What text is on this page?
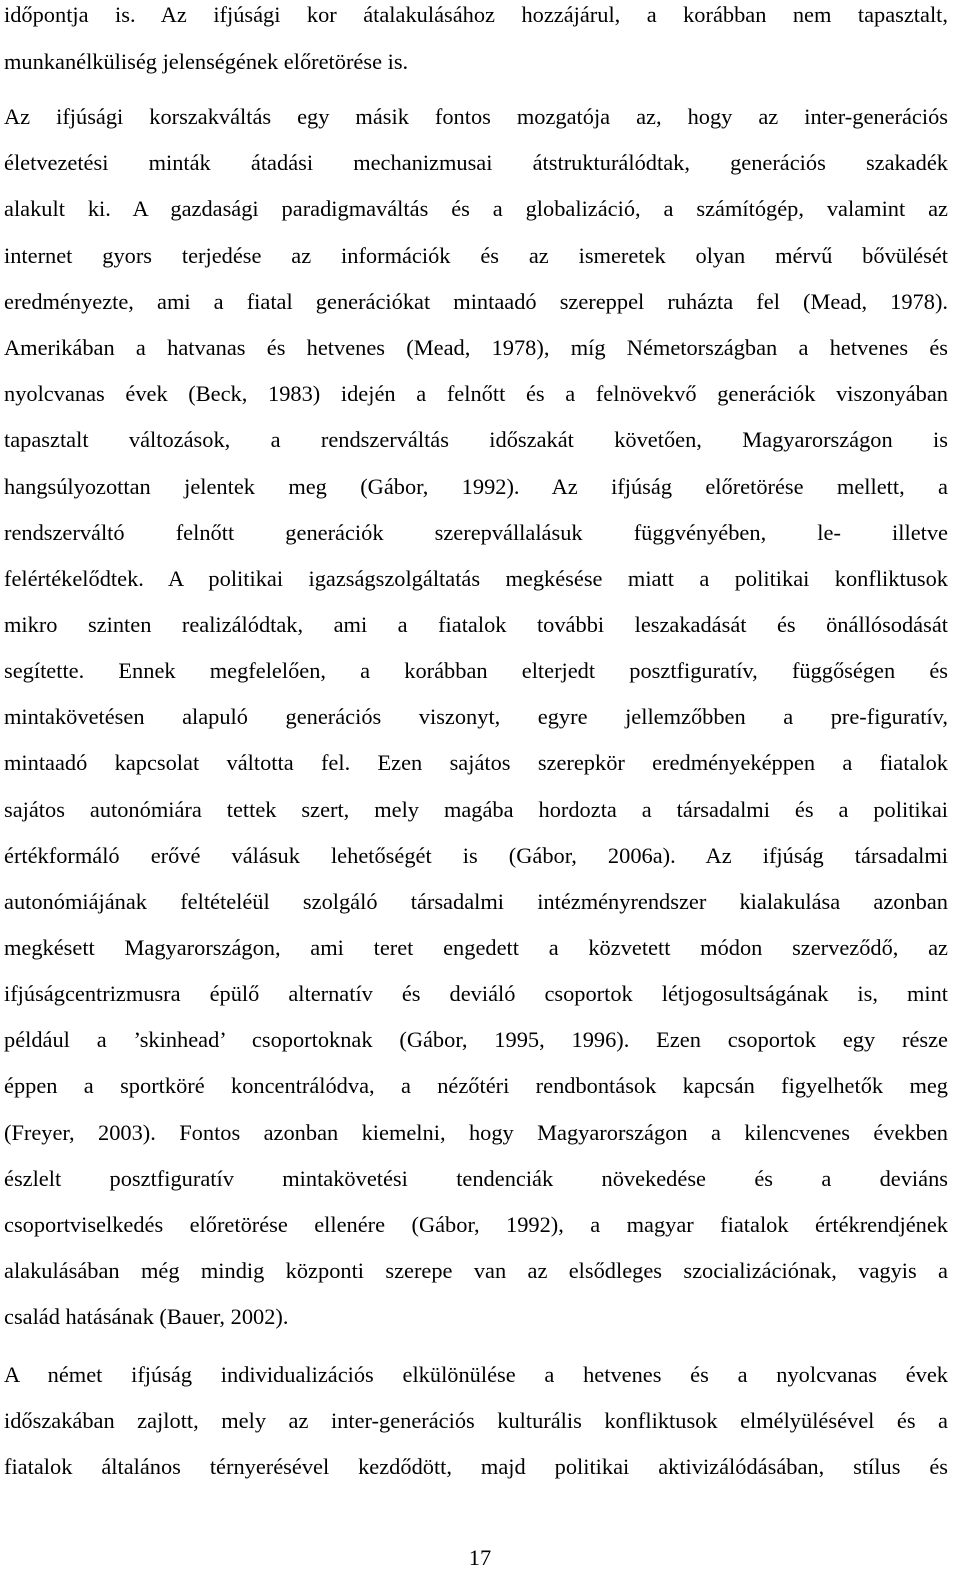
időpontja is. Az ifjúsági kor átalakulásához hozzájárul, a korábban nem tapasztalt,
munkanélküliség jelenségének előretörése is.
Az ifjúsági korszakváltás egy másik fontos mozgatója az, hogy az inter-generációs
életvezetési minták átadási mechanizmusai átstrukturálódtak, generációs szakadék
alakult ki. A gazdasági paradigmaváltás és a globalizáció, a számítógép, valamint az
internet gyors terjedése az információk és az ismeretek olyan mérvű bővülését
eredményezte, ami a fiatal generációkat mintaadó szereppel ruházta fel (Mead, 1978).
Amerikában a hatvanas és hetvenes (Mead, 1978), míg Németországban a hetvenes és
nyolcvanas évek (Beck, 1983) idején a felnőtt és a felnövekvő generációk viszonyában
tapasztalt változások, a rendszerváltás időszakát követően, Magyarországon is
hangsúlyozottan jelentek meg (Gábor, 1992). Az ifjúság előretörése mellett, a
rendszerváltó felnőtt generációk szerepvállalásuk függvényében, le- illetve
felértékelődtek. A politikai igazságszolgáltatás megkésése miatt a politikai konfliktusok
mikro szinten realizálódtak, ami a fiatalok további leszakadását és önállósodását
segítette. Ennek megfelelően, a korábban elterjedt posztfiguratív, függőségen és
mintakövetésen alapuló generációs viszonyt, egyre jellemzőbben a pre-figuratív,
mintaadó kapcsolat váltotta fel. Ezen sajátos szerepkör eredményeképpen a fiatalok
sajátos autonómiára tettek szert, mely magába hordozta a társadalmi és a politikai
értékformáló erővé válásuk lehetőségét is (Gábor, 2006a). Az ifjúság társadalmi
autonómiájának feltételéül szolgáló társadalmi intézményrendszer kialakulása azonban
megkésett Magyarországon, ami teret engedett a közvetett módon szerveződő, az
ifjúságcentrizmusra épülő alternatív és deviáló csoportok létjogosultságának is, mint
például a ’skinhead’ csoportoknak (Gábor, 1995, 1996). Ezen csoportok egy része
éppen a sportköré koncentrálódva, a nézőtéri rendbontások kapcsán figyelhetők meg
(Freyer, 2003). Fontos azonban kiemelni, hogy Magyarországon a kilencvenes években
észlelt posztfiguratív mintakövetési tendenciák növekedése és a deviáns
csoportviselkedés előretörése ellenére (Gábor, 1992), a magyar fiatalok értékrendjének
alakulásában még mindig központi szerepe van az elsődleges szocializációnak, vagyis a
család hatásának (Bauer, 2002).
A német ifjúság individualizációs elkülönülése a hetvenes és a nyolcvanas évek
időszakában zajlott, mely az inter-generációs kulturális konfliktusok elmélyülésével és a
fiatalok általános térnyerésével kezdődött, majd politikai aktivizálódásában, stílus és
17
